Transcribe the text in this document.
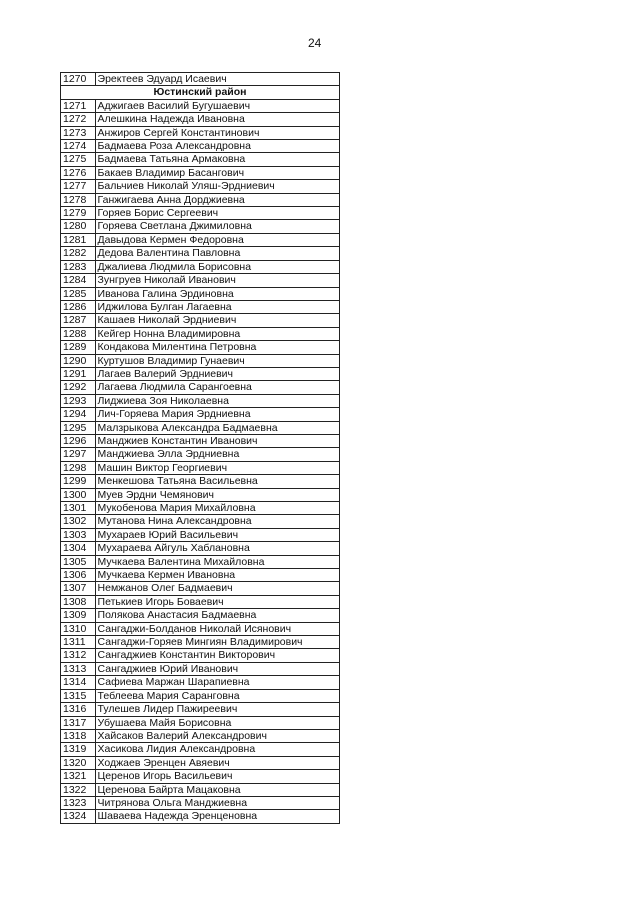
24
1270	Эректеев Эдуард Исаевич
Юстинский район	
1271	Аджигаев Василий Бугушаевич
1272	Алешкина Надежда Ивановна
1273	Анжиров Сергей Константинович
1274	Бадмаева Роза Александровна
1275	Бадмаева Татьяна Армаковна
1276	Бакаев Владимир Басангович
1277	Бальчиев Николай Уляш-Эрдниевич
1278	Ганжигаева Анна Дорджиевна
1279	Горяев Борис Сергеевич
1280	Горяева Светлана Джимиловна
1281	Давыдова Кермен Федоровна
1282	Дедова Валентина Павловна
1283	Джалиева Людмила Борисовна
1284	Зунгруев Николай Иванович
1285	Иванова Галина Эрдиновна
1286	Иджилова Булган Лагаевна
1287	Кашаев Николай Эрдниевич
1288	Кейгер Нонна Владимировна
1289	Кондакова Милентина Петровна
1290	Куртушов Владимир Гунаевич
1291	Лагаев Валерий Эрдниевич
1292	Лагаева Людмила Сарангоевна
1293	Лиджиева Зоя Николаевна
1294	Лич-Горяева Мария Эрдниевна
1295	Малзрыкова Александра Бадмаевна
1296	Манджиев Константин Иванович
1297	Манджиева Элла Эрдниевна
1298	Машин Виктор Георгиевич
1299	Менкешова Татьяна Васильевна
1300	Муев Эрдни Чемянович
1301	Мукобенова Мария Михайловна
1302	Мутанова Нина Александровна
1303	Мухараев Юрий Васильевич
1304	Мухараева Айгуль Хаблановна
1305	Мучкаева Валентина Михайловна
1306	Мучкаева Кермен Ивановна
1307	Немжанов Олег Бадмаевич
1308	Петькиев Игорь Боваевич
1309	Полякова Анастасия Бадмаевна
1310	Сангаджи-Болданов Николай Исянович
1311	Сангаджи-Горяев Мингиян Владимирович
1312	Сангаджиев Константин Викторович
1313	Сангаджиев Юрий Иванович
1314	Сафиева Маржан Шарапиевна
1315	Теблеева Мария Сарангoвна
1316	Тулешев Лидер Пажиреевич
1317	Убушаева Майя Борисовна
1318	Хайсаков Валерий Александрович
1319	Хасикова Лидия Александровна
1320	Ходжаев Эренцен Авяевич
1321	Церенов Игорь Васильевич
1322	Церенова Байрта Мацаковна
1323	Читрянова Ольга Манджиевна
1324	Шаваева Надежда Эренценовна
